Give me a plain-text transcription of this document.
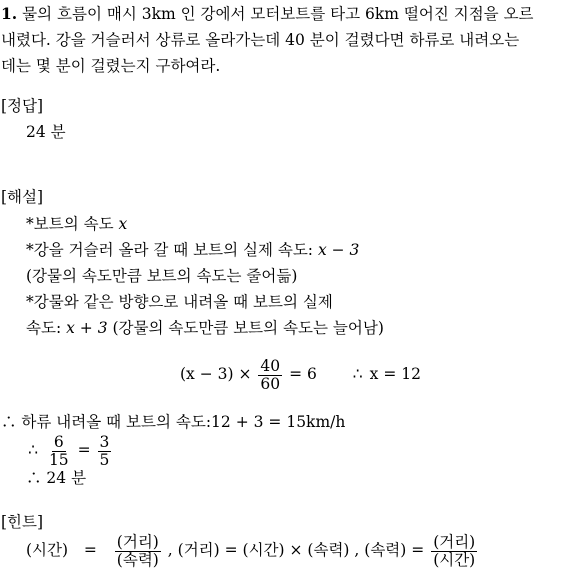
1. 물의 흐름이 매시 3km 인 강에서 모터보트를 타고 6km 떨어진 지점을 오르
내렸다. 강을 거슬러서 상류로 올라가는데 40 분이 걸렸다면 하류로 내려오는
데는 몇 분이 걸렸는지 구하여라.
[정답]
24 분
[해설]
*보트의 속도 x
*강을 거슬러 올라 갈 때 보트의 실제 속도: x − 3
(강물의 속도만큼 보트의 속도는 줄어듦)
*강물와 같은 방향으로 내려올 때 보트의 실제
속도: x + 3 (강물의 속도만큼 보트의 속도는 늘어남)
$(x - 3) \times \frac{40}{60} = 6$ ∴ x = 12
∴ 하류 내려올 때 보트의 속도:12 + 3 = 15km/h
∴ $\frac{6}{15} = \frac{3}{5}$
∴ 24 분
[힌트]
(시간) = $\frac{\text{(거리)}}{\text{(속력)}}$ , (거리) = (시간) × (속력) , (속력) = $\frac{\text{(거리)}}{\text{(시간)}}$
